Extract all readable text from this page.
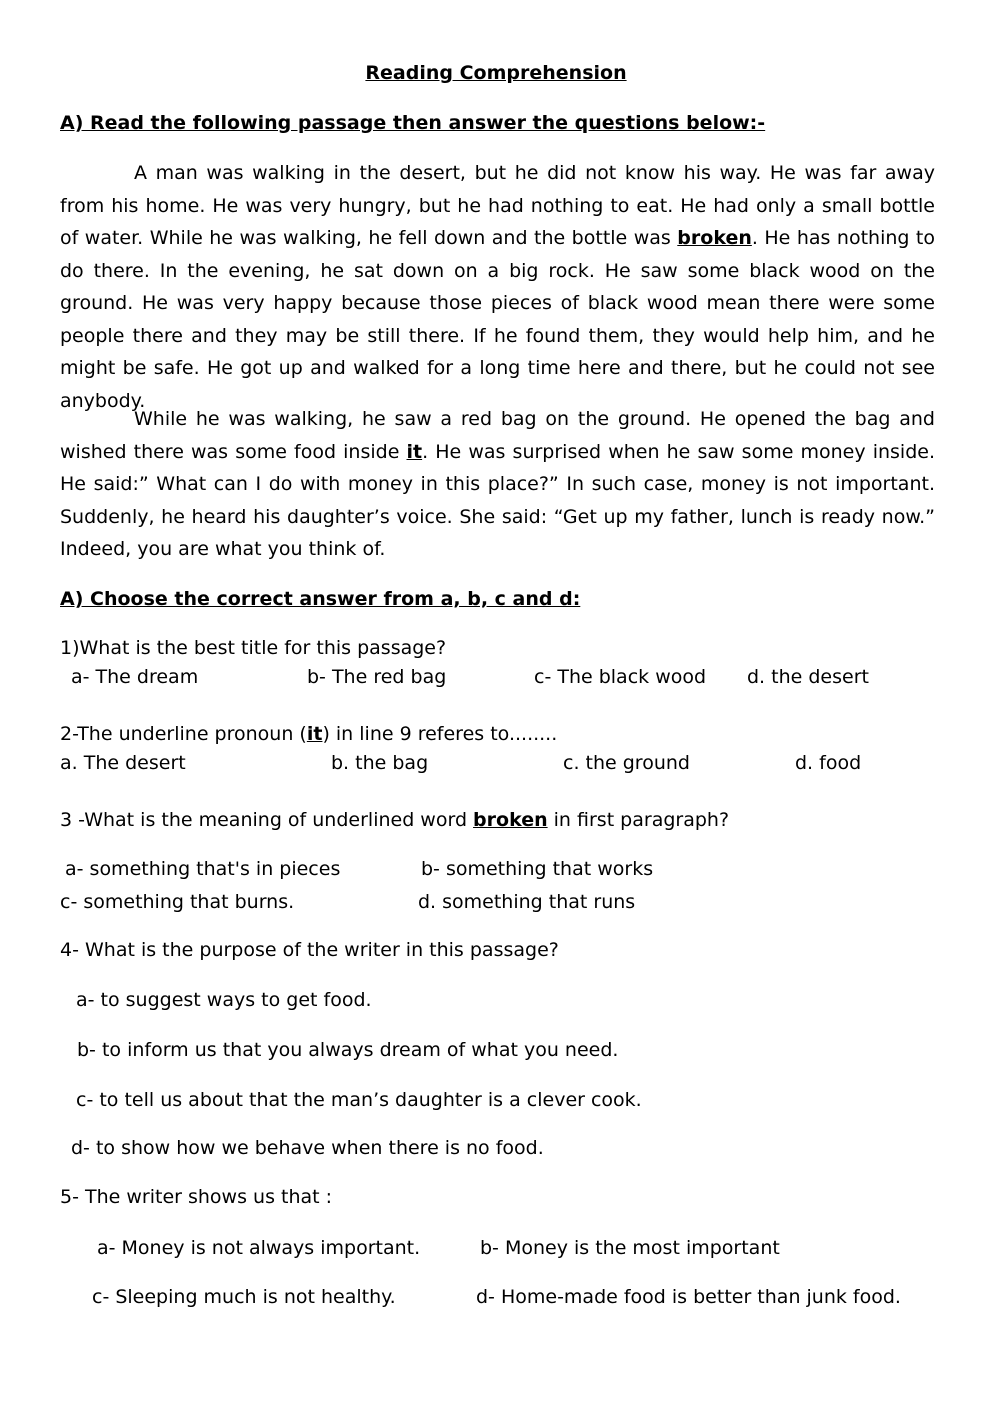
Reading Comprehension
A) Read the following passage then answer the questions below:-
A man was walking in the desert, but he did not know his way. He was far away from his home. He was very hungry, but he had nothing to eat. He had only a small bottle of water. While he was walking, he fell down and the bottle was broken. He has nothing to do there. In the evening, he sat down on a big rock. He saw some black wood on the ground. He was very happy because those pieces of black wood mean there were some people there and they may be still there. If he found them, they would help him, and he might be safe. He got up and walked for a long time here and there, but he could not see anybody.
While he was walking, he saw a red bag on the ground. He opened the bag and wished there was some food inside it. He was surprised when he saw some money inside. He said:” What can I do with money in this place?” In such case, money is not important. Suddenly, he heard his daughter’s voice. She said: “Get up my father, lunch is ready now.” Indeed, you are what you think of.
A) Choose the correct answer from a, b, c and d:
1)What is the best title for this passage?
a- The dream	b- The red bag	c- The black wood d. the desert
2-The underline pronoun (it) in line 9 referes to........
a. The desert	b. the bag	c. the ground	d. food
3 -What is the meaning of underlined word broken in first paragraph?
a- something that's in pieces	b- something that works
c- something that burns.	d. something that runs
4- What is the purpose of the writer in this passage?
a- to suggest ways to get food.
b- to inform us that you always dream of what you need.
c- to tell us about that the man’s daughter is a clever cook.
d- to show how we behave when there is no food.
5- The writer shows us that :
a- Money is not always important.	b- Money is the most important
c- Sleeping much is not healthy.	d- Home-made food is better than junk food.
